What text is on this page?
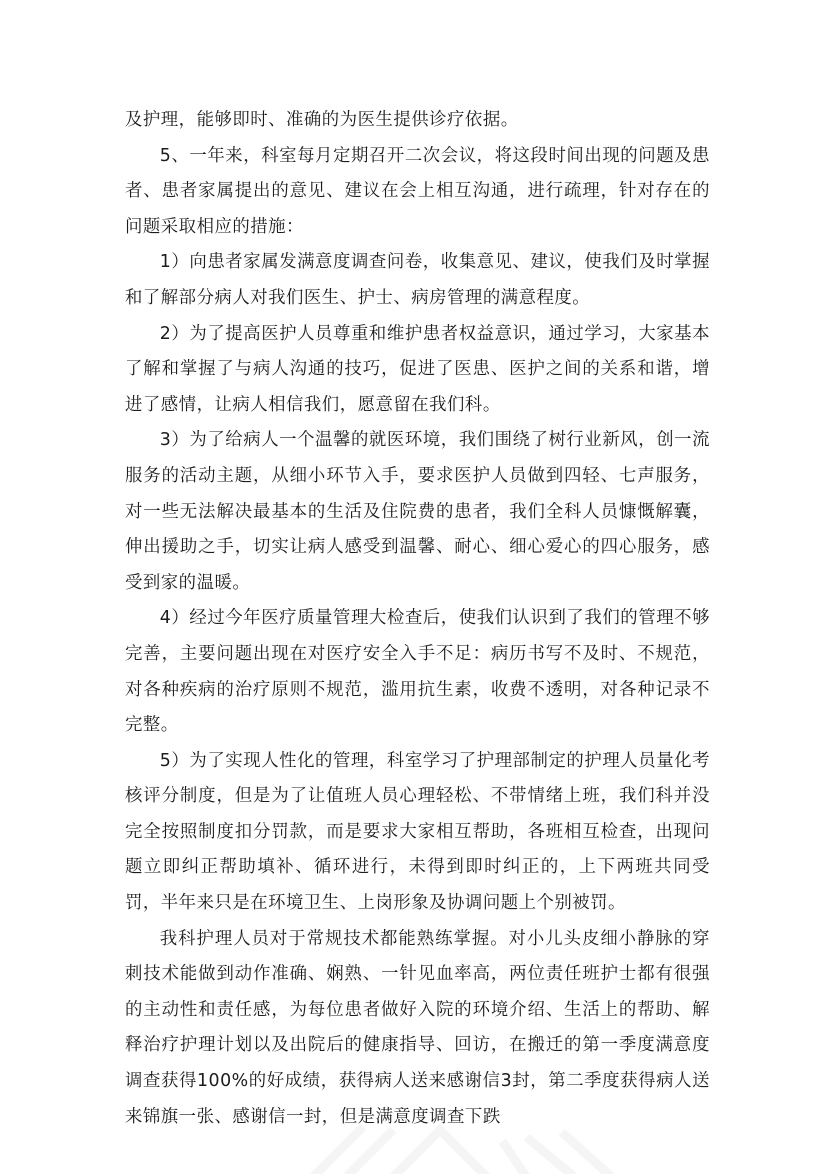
及护理，能够即时、准确的为医生提供诊疗依据。

5、一年来，科室每月定期召开二次会议，将这段时间出现的问题及患者、患者家属提出的意见、建议在会上相互沟通，进行疏理，针对存在的问题采取相应的措施：

1）向患者家属发满意度调查问卷，收集意见、建议，使我们及时掌握和了解部分病人对我们医生、护士、病房管理的满意程度。

2）为了提高医护人员尊重和维护患者权益意识，通过学习，大家基本了解和掌握了与病人沟通的技巧，促进了医患、医护之间的关系和谐，增进了感情，让病人相信我们，愿意留在我们科。

3）为了给病人一个温馨的就医环境，我们围绕了树行业新风，创一流服务的活动主题，从细小环节入手，要求医护人员做到四轻、七声服务，对一些无法解决最基本的生活及住院费的患者，我们全科人员慷慨解囊，伸出援助之手，切实让病人感受到温馨、耐心、细心爱心的四心服务，感受到家的温暖。

4）经过今年医疗质量管理大检查后，使我们认识到了我们的管理不够完善，主要问题出现在对医疗安全入手不足：病历书写不及时、不规范，对各种疾病的治疗原则不规范，滥用抗生素，收费不透明，对各种记录不完整。

5）为了实现人性化的管理，科室学习了护理部制定的护理人员量化考核评分制度，但是为了让值班人员心理轻松、不带情绪上班，我们科并没完全按照制度扣分罚款，而是要求大家相互帮助，各班相互检查，出现问题立即纠正帮助填补、循环进行，未得到即时纠正的，上下两班共同受罚，半年来只是在环境卫生、上岗形象及协调问题上个别被罚。

我科护理人员对于常规技术都能熟练掌握。对小儿头皮细小静脉的穿刺技术能做到动作准确、娴熟、一针见血率高，两位责任班护士都有很强的主动性和责任感，为每位患者做好入院的环境介绍、生活上的帮助、解释治疗护理计划以及出院后的健康指导、回访，在搬迁的第一季度满意度调查获得100%的好成绩，获得病人送来感谢信3封，第二季度获得病人送来锦旗一张、感谢信一封，但是满意度调查下跌
